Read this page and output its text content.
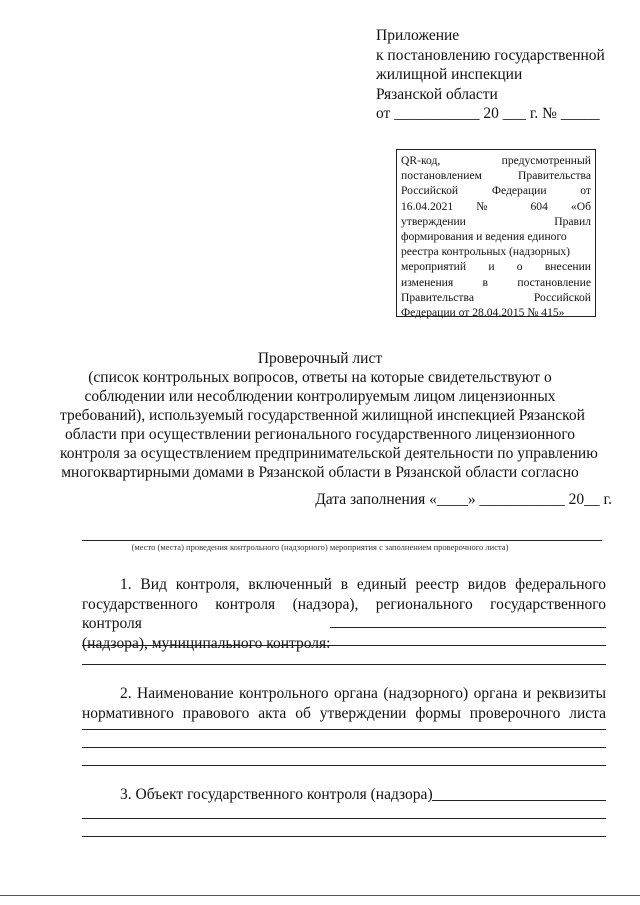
Приложение
к постановлению государственной
жилищной инспекции
Рязанской области
от ___________ 20 ___ г. № _____
QR-код, предусмотренный
постановлением Правительства
Российской Федерации от
16.04.2021 № 604 «Об
утверждении Правил
формирования и ведения единого
реестра контрольных (надзорных)
мероприятий и о внесении
изменения в постановление
Правительства Российской
Федерации от 28.04.2015 № 415»
Проверочный лист
(список контрольных вопросов, ответы на которые свидетельствуют о
соблюдении или несоблюдении контролируемым лицом лицензионных
требований), используемый государственной жилищной инспекцией Рязанской
области при осуществлении регионального государственного лицензионного
контроля за осуществлением предпринимательской деятельности по управлению
многоквартирными домами в Рязанской области в Рязанской области согласно
Дата заполнения «____» ___________ 20__ г.
(место (места) проведения контрольного (надзорного) мероприятия с заполнением проверочного листа)
1. Вид контроля, включенный в единый реестр видов федерального
государственного контроля (надзора), регионального государственного контроля
(надзора), муниципального контроля:
2. Наименование контрольного органа (надзорного) органа и реквизиты
нормативного правового акта об утверждении формы проверочного листа
3. Объект государственного контроля (надзора)
